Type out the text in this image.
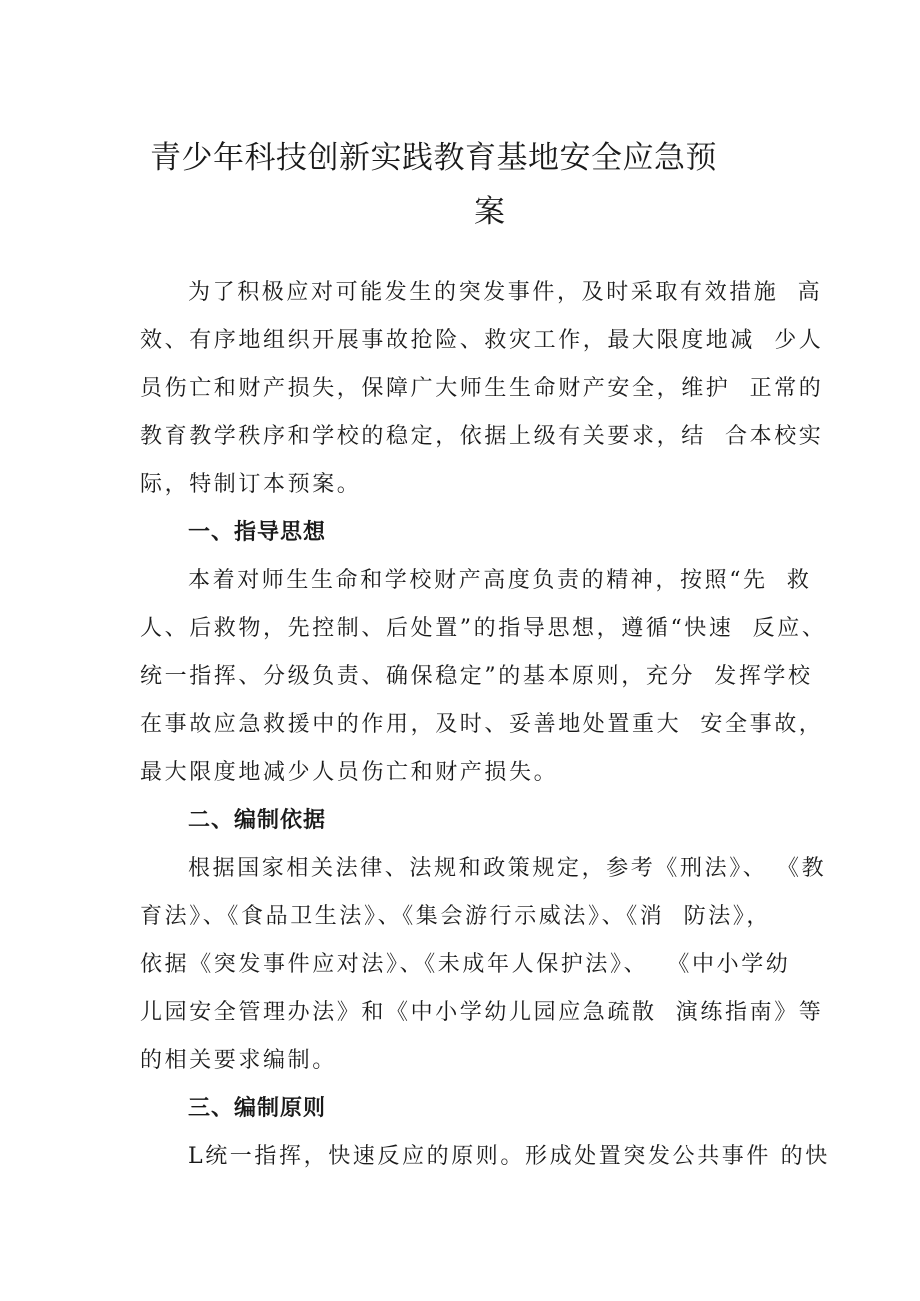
青少年科技创新实践教育基地安全应急预
案
为了积极应对可能发生的突发事件，及时采取有效措施  高
效、有序地组织开展事故抢险、救灾工作，最大限度地减  少人
员伤亡和财产损失，保障广大师生生命财产安全，维护  正常的
教育教学秩序和学校的稳定，依据上级有关要求，结  合本校实
际，特制订本预案。
一、指导思想
本着对师生生命和学校财产高度负责的精神，按照“先  救
人、后救物，先控制、后处置”的指导思想，遵循“快速  反应、
统一指挥、分级负责、确保稳定”的基本原则，充分  发挥学校
在事故应急救援中的作用，及时、妥善地处置重大  安全事故，
最大限度地减少人员伤亡和财产损失。
二、编制依据
根据国家相关法律、法规和政策规定，参考《刑法》、 《教
育法》、《食品卫生法》、《集会游行示威法》、《消  防法》，
依据《突发事件应对法》、《未成年人保护法》、  《中小学幼
儿园安全管理办法》和《中小学幼儿园应急疏散  演练指南》等
的相关要求编制。
三、编制原则
L统一指挥，快速反应的原则。形成处置突发公共事件 的快
